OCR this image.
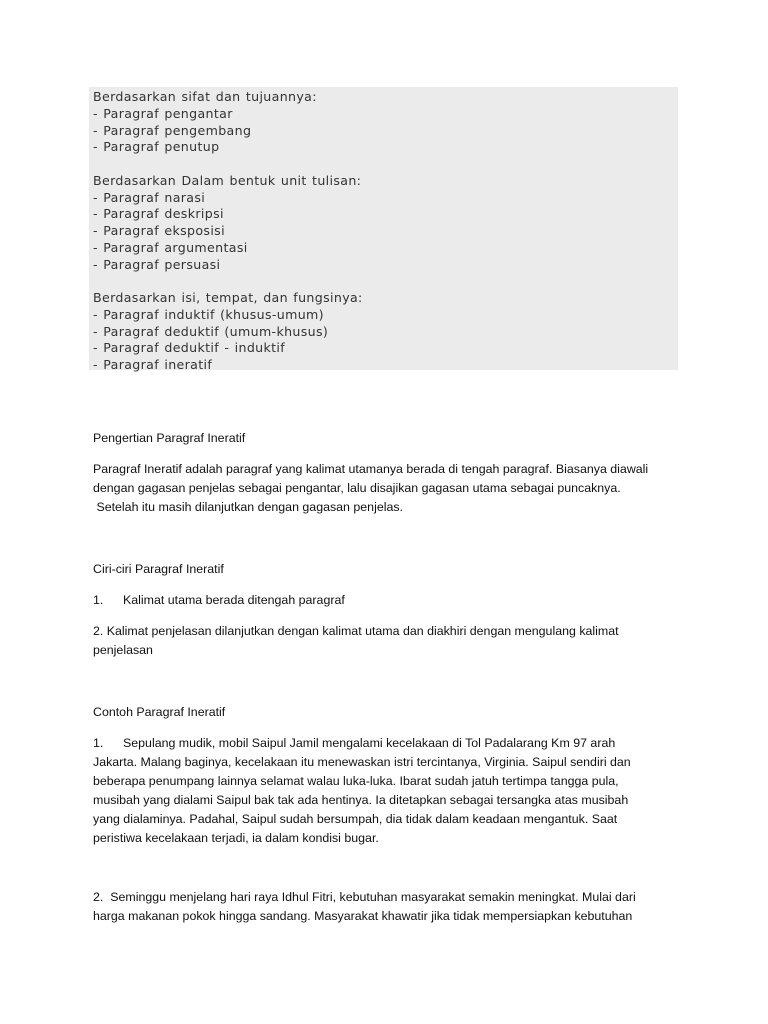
Berdasarkan sifat dan tujuannya:
- Paragraf pengantar
- Paragraf pengembang
- Paragraf penutup
Berdasarkan Dalam bentuk unit tulisan:
- Paragraf narasi
- Paragraf deskripsi
- Paragraf eksposisi
- Paragraf argumentasi
- Paragraf persuasi
Berdasarkan isi, tempat, dan fungsinya:
- Paragraf induktif (khusus-umum)
- Paragraf deduktif (umum-khusus)
- Paragraf deduktif - induktif
- Paragraf ineratif

Pengertian Paragraf Ineratif

Paragraf Ineratif adalah paragraf yang kalimat utamanya berada di tengah paragraf. Biasanya diawali

dengan gagasan penjelas sebagai pengantar, lalu disajikan gagasan utama sebagai puncaknya.

Setelah itu masih dilanjutkan dengan gagasan penjelas.

Ciri-ciri Paragraf Ineratif

1.	Kalimat utama berada ditengah paragraf

2. Kalimat penjelasan dilanjutkan dengan kalimat utama dan diakhiri dengan mengulang kalimat

penjelasan

Contoh Paragraf Ineratif

1.	Sepulang mudik, mobil Saipul Jamil mengalami kecelakaan di Tol Padalarang Km 97 arah

Jakarta. Malang baginya, kecelakaan itu menewaskan istri tercintanya, Virginia. Saipul sendiri dan

beberapa penumpang lainnya selamat walau luka-luka. Ibarat sudah jatuh tertimpa tangga pula,

musibah yang dialami Saipul bak tak ada hentinya. Ia ditetapkan sebagai tersangka atas musibah

yang dialaminya. Padahal, Saipul sudah bersumpah, dia tidak dalam keadaan mengantuk. Saat

peristiwa kecelakaan terjadi, ia dalam kondisi bugar.

2.  Seminggu menjelang hari raya Idhul Fitri, kebutuhan masyarakat semakin meningkat. Mulai dari

harga makanan pokok hingga sandang. Masyarakat khawatir jika tidak mempersiapkan kebutuhan
